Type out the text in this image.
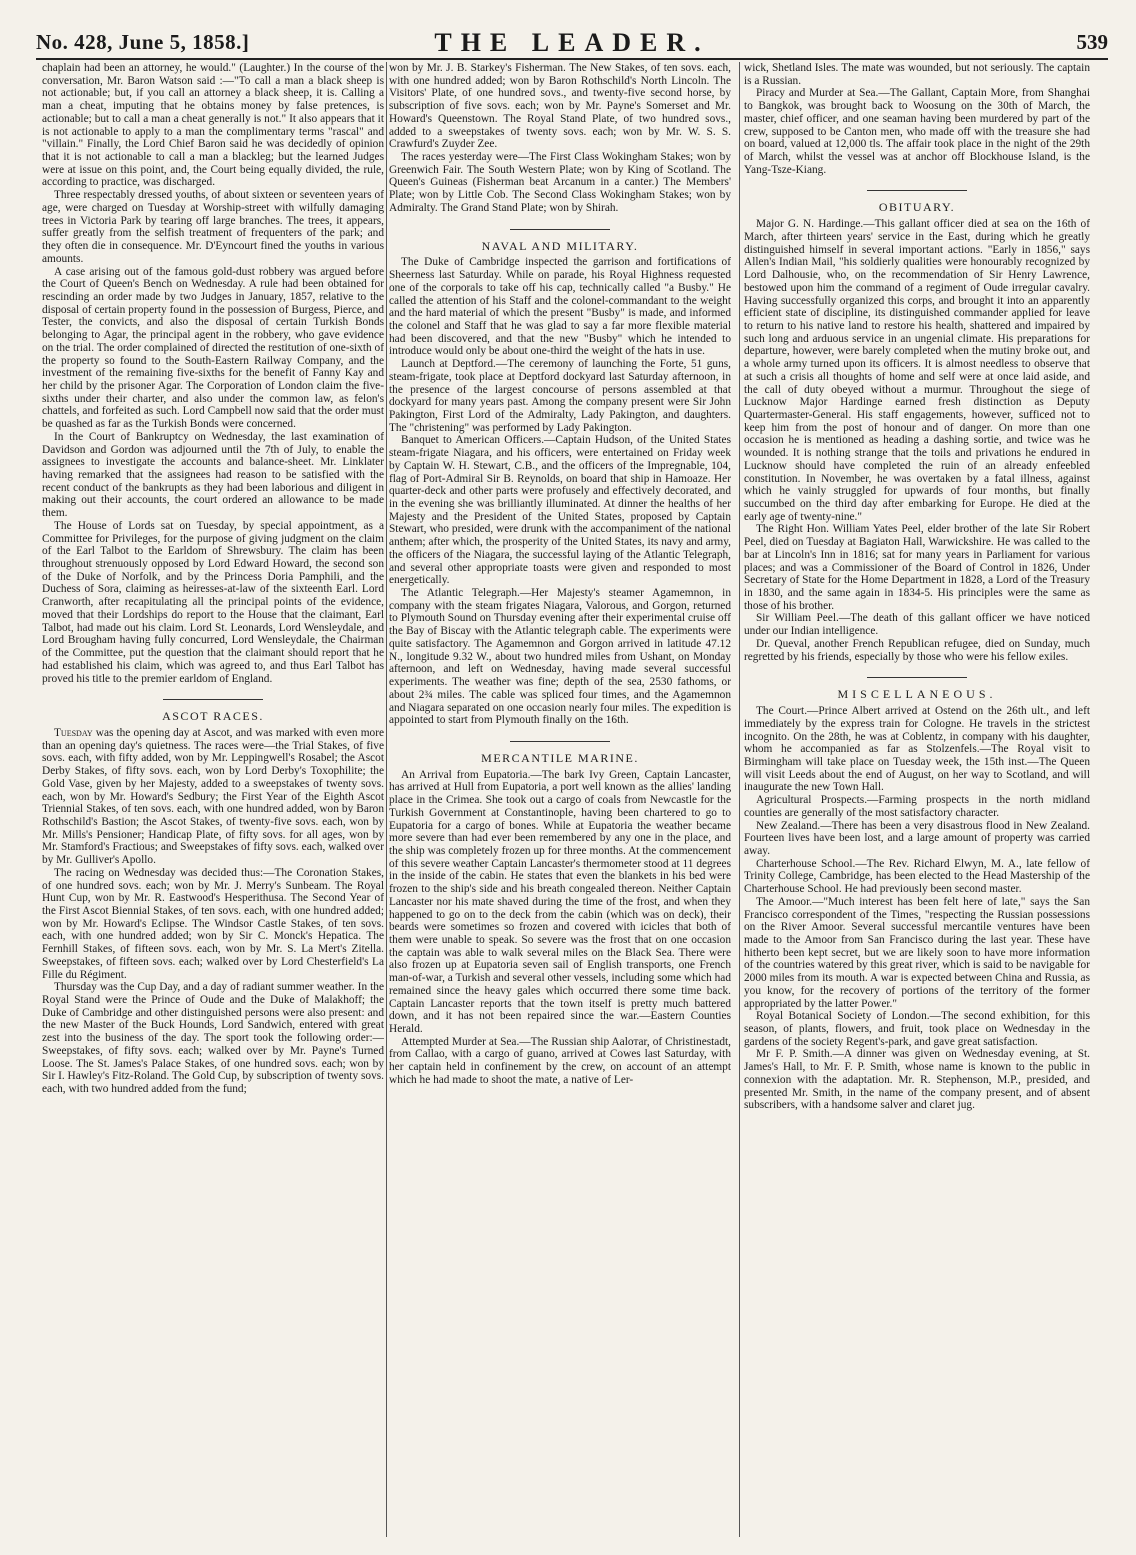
No. 428, June 5, 1858.]	THE LEADER.	539

chaplain had been an attorney, he would." (Laughter.) In the course of the conversation, Mr. Baron Watson said :—"To call a man a black sheep is not actionable; but, if you call an attorney a black sheep, it is. Calling a man a cheat, imputing that he obtains money by false pretences, is actionable; but to call a man a cheat generally is not." It also appears that it is not actionable to apply to a man the complimentary terms "rascal" and "villain." Finally, the Lord Chief Baron said he was decidedly of opinion that it is not actionable to call a man a blackleg; but the learned Judges were at issue on this point, and, the Court being equally divided, the rule, according to practice, was discharged.

Three respectably dressed youths, of about sixteen or seventeen years of age, were charged on Tuesday at Worship-street with wilfully damaging trees in Victoria Park by tearing off large branches. The trees, it appears, suffer greatly from the selfish treatment of frequenters of the park; and they often die in consequence. Mr. D'Eyncourt fined the youths in various amounts.

A case arising out of the famous gold-dust robbery was argued before the Court of Queen's Bench on Wednesday. A rule had been obtained for rescinding an order made by two Judges in January, 1857, relative to the disposal of certain property found in the possession of Burgess, Pierce, and Tester, the convicts, and also the disposal of certain Turkish Bonds belonging to Agar, the principal agent in the robbery, who gave evidence on the trial. The order complained of directed the restitution of one-sixth of the property so found to the South-Eastern Railway Company, and the investment of the remaining five-sixths for the benefit of Fanny Kay and her child by the prisoner Agar. The Corporation of London claim the five-sixths under their charter, and also under the common law, as felon's chattels, and forfeited as such. Lord Campbell now said that the order must be quashed as far as the Turkish Bonds were concerned.

In the Court of Bankruptcy on Wednesday, the last examination of Davidson and Gordon was adjourned until the 7th of July, to enable the assignees to investigate the accounts and balance-sheet. Mr. Linklater having remarked that the assignees had reason to be satisfied with the recent conduct of the bankrupts as they had been laborious and diligent in making out their accounts, the court ordered an allowance to be made them.

The House of Lords sat on Tuesday, by special appointment, as a Committee for Privileges, for the purpose of giving judgment on the claim of the Earl Talbot to the Earldom of Shrewsbury. The claim has been throughout strenuously opposed by Lord Edward Howard, the second son of the Duke of Norfolk, and by the Princess Doria Pamphili, and the Duchess of Sora, claiming as heiresses-at-law of the sixteenth Earl. Lord Cranworth, after recapitulating all the principal points of the evidence, moved that their Lordships do report to the House that the claimant, Earl Talbot, had made out his claim. Lord St. Leonards, Lord Wensleydale, and Lord Brougham having fully concurred, Lord Wensleydale, the Chairman of the Committee, put the question that the claimant should report that he had established his claim, which was agreed to, and thus Earl Talbot has proved his title to the premier earldom of England.

ASCOT RACES.

Tuesday was the opening day at Ascot, and was marked with even more than an opening day's quietness. The races were—the Trial Stakes, of five sovs. each, with fifty added, won by Mr. Leppingwell's Rosabel; the Ascot Derby Stakes, of fifty sovs. each, won by Lord Derby's Toxophilite; the Gold Vase, given by her Majesty, added to a sweepstakes of twenty sovs. each, won by Mr. Howard's Sedbury; the First Year of the Eighth Ascot Triennial Stakes, of ten sovs. each, with one hundred added, won by Baron Rothschild's Bastion; the Ascot Stakes, of twenty-five sovs. each, won by Mr. Mills's Pensioner; Handicap Plate, of fifty sovs. for all ages, won by Mr. Stamford's Fractious; and Sweepstakes of fifty sovs. each, walked over by Mr. Gulliver's Apollo.

The racing on Wednesday was decided thus:—The Coronation Stakes, of one hundred sovs. each; won by Mr. J. Merry's Sunbeam. The Royal Hunt Cup, won by Mr. R. Eastwood's Hesperithusa. The Second Year of the First Ascot Biennial Stakes, of ten sovs. each, with one hundred added; won by Mr. Howard's Eclipse. The Windsor Castle Stakes, of ten sovs. each, with one hundred added; won by Sir C. Monck's Hepatica. The Fernhill Stakes, of fifteen sovs. each, won by Mr. S. La Mert's Zitella. Sweepstakes, of fifteen sovs. each; walked over by Lord Chesterfield's La Fille du Régiment.

Thursday was the Cup Day, and a day of radiant summer weather. In the Royal Stand were the Prince of Oude and the Duke of Malakhoff; the Duke of Cambridge and other distinguished persons were also present: and the new Master of the Buck Hounds, Lord Sandwich, entered with great zest into the business of the day. The sport took the following order:—Sweepstakes, of fifty sovs. each; walked over by Mr. Payne's Turned Loose. The St. James's Palace Stakes, of one hundred sovs. each; won by Sir I. Hawley's Fitz-Roland. The Gold Cup, by subscription of twenty sovs. each, with two hundred added from the fund;

won by Mr. J. B. Starkey's Fisherman. The New Stakes, of ten sovs. each, with one hundred added; won by Baron Rothschild's North Lincoln. The Visitors' Plate, of one hundred sovs., and twenty-five second horse, by subscription of five sovs. each; won by Mr. Payne's Somerset and Mr. Howard's Queenstown. The Royal Stand Plate, of two hundred sovs., added to a sweepstakes of twenty sovs. each; won by Mr. W. S. S. Crawfurd's Zuyder Zee.

The races yesterday were—The First Class Wokingham Stakes; won by Greenwich Fair. The South Western Plate; won by King of Scotland. The Queen's Guineas (Fisherman beat Arcanum in a canter.) The Members' Plate; won by Little Cob. The Second Class Wokingham Stakes; won by Admiralty. The Grand Stand Plate; won by Shirah.

NAVAL AND MILITARY.

The Duke of Cambridge inspected the garrison and fortifications of Sheerness last Saturday. While on parade, his Royal Highness requested one of the corporals to take off his cap, technically called "a Busby." He called the attention of his Staff and the colonel-commandant to the weight and the hard material of which the present "Busby" is made, and informed the colonel and Staff that he was glad to say a far more flexible material had been discovered, and that the new "Busby" which he intended to introduce would only be about one-third the weight of the hats in use.

Launch at Deptford.—The ceremony of launching the Forte, 51 guns, steam-frigate, took place at Deptford dockyard last Saturday afternoon, in the presence of the largest concourse of persons assembled at that dockyard for many years past. Among the company present were Sir John Pakington, First Lord of the Admiralty, Lady Pakington, and daughters. The "christening" was performed by Lady Pakington.

Banquet to American Officers.—Captain Hudson, of the United States steam-frigate Niagara, and his officers, were entertained on Friday week by Captain W. H. Stewart, C.B., and the officers of the Impregnable, 104, flag of Port-Admiral Sir B. Reynolds, on board that ship in Hamoaze. Her quarter-deck and other parts were profusely and effectively decorated, and in the evening she was brilliantly illuminated. At dinner the healths of her Majesty and the President of the United States, proposed by Captain Stewart, who presided, were drunk with the accompaniment of the national anthem; after which, the prosperity of the United States, its navy and army, the officers of the Niagara, the successful laying of the Atlantic Telegraph, and several other appropriate toasts were given and responded to most energetically.

The Atlantic Telegraph.—Her Majesty's steamer Agamemnon, in company with the steam frigates Niagara, Valorous, and Gorgon, returned to Plymouth Sound on Thursday evening after their experimental cruise off the Bay of Biscay with the Atlantic telegraph cable. The experiments were quite satisfactory. The Agamemnon and Gorgon arrived in latitude 47.12 N., longitude 9.32 W., about two hundred miles from Ushant, on Monday afternoon, and left on Wednesday, having made several successful experiments. The weather was fine; depth of the sea, 2530 fathoms, or about 2¾ miles. The cable was spliced four times, and the Agamemnon and Niagara separated on one occasion nearly four miles. The expedition is appointed to start from Plymouth finally on the 16th.

MERCANTILE MARINE.

An Arrival from Eupatoria.—The bark Ivy Green, Captain Lancaster, has arrived at Hull from Eupatoria, a port well known as the allies' landing place in the Crimea. She took out a cargo of coals from Newcastle for the Turkish Government at Constantinople, having been chartered to go to Eupatoria for a cargo of bones. While at Eupatoria the weather became more severe than had ever been remembered by any one in the place, and the ship was completely frozen up for three months. At the commencement of this severe weather Captain Lancaster's thermometer stood at 11 degrees in the inside of the cabin. He states that even the blankets in his bed were frozen to the ship's side and his breath congealed thereon. Neither Captain Lancaster nor his mate shaved during the time of the frost, and when they happened to go on to the deck from the cabin (which was on deck), their beards were sometimes so frozen and covered with icicles that both of them were unable to speak. So severe was the frost that on one occasion the captain was able to walk several miles on the Black Sea. There were also frozen up at Eupatoria seven sail of English transports, one French man-of-war, a Turkish and several other vessels, including some which had remained since the heavy gales which occurred there some time back. Captain Lancaster reports that the town itself is pretty much battered down, and it has not been repaired since the war.—Eastern Counties Herald.

Attempted Murder at Sea.—The Russian ship Aaloтar, of Christinestadt, from Callao, with a cargo of guano, arrived at Cowes last Saturday, with her captain held in confinement by the crew, on account of an attempt which he had made to shoot the mate, a native of Ler-

wick, Shetland Isles. The mate was wounded, but not seriously. The captain is a Russian.

Piracy and Murder at Sea.—The Gallant, Captain More, from Shanghai to Bangkok, was brought back to Woosung on the 30th of March, the master, chief officer, and one seaman having been murdered by part of the crew, supposed to be Canton men, who made off with the treasure she had on board, valued at 12,000 tls. The affair took place in the night of the 29th of March, whilst the vessel was at anchor off Blockhouse Island, is the Yang-Tsze-Kiang.

OBITUARY.

Major G. N. Hardinge.—This gallant officer died at sea on the 16th of March, after thirteen years' service in the East, during which he greatly distinguished himself in several important actions. "Early in 1856," says Allen's Indian Mail, "his soldierly qualities were honourably recognized by Lord Dalhousie, who, on the recommendation of Sir Henry Lawrence, bestowed upon him the command of a regiment of Oude irregular cavalry. Having successfully organized this corps, and brought it into an apparently efficient state of discipline, its distinguished commander applied for leave to return to his native land to restore his health, shattered and impaired by such long and arduous service in an ungenial climate. His preparations for departure, however, were barely completed when the mutiny broke out, and a whole army turned upon its officers. It is almost needless to observe that at such a crisis all thoughts of home and self were at once laid aside, and the call of duty obeyed without a murmur. Throughout the siege of Lucknow Major Hardinge earned fresh distinction as Deputy Quartermaster-General. His staff engagements, however, sufficed not to keep him from the post of honour and of danger. On more than one occasion he is mentioned as heading a dashing sortie, and twice was he wounded. It is nothing strange that the toils and privations he endured in Lucknow should have completed the ruin of an already enfeebled constitution. In November, he was overtaken by a fatal illness, against which he vainly struggled for upwards of four months, but finally succumbed on the third day after embarking for Europe. He died at the early age of twenty-nine."

The Right Hon. William Yates Peel, elder brother of the late Sir Robert Peel, died on Tuesday at Bagiaton Hall, Warwickshire. He was called to the bar at Lincoln's Inn in 1816; sat for many years in Parliament for various places; and was a Commissioner of the Board of Control in 1826, Under Secretary of State for the Home Department in 1828, a Lord of the Treasury in 1830, and the same again in 1834-5. His principles were the same as those of his brother.

Sir William Peel.—The death of this gallant officer we have noticed under our Indian intelligence.

Dr. Queval, another French Republican refugee, died on Sunday, much regretted by his friends, especially by those who were his fellow exiles.

MISCELLANEOUS.

The Court.—Prince Albert arrived at Ostend on the 26th ult., and left immediately by the express train for Cologne. He travels in the strictest incognito. On the 28th, he was at Coblentz, in company with his daughter, whom he accompanied as far as Stolzenfels.—The Royal visit to Birmingham will take place on Tuesday week, the 15th inst.—The Queen will visit Leeds about the end of August, on her way to Scotland, and will inaugurate the new Town Hall.

Agricultural Prospects.—Farming prospects in the north midland counties are generally of the most satisfactory character.

New Zealand.—There has been a very disastrous flood in New Zealand. Fourteen lives have been lost, and a large amount of property was carried away.

Charterhouse School.—The Rev. Richard Elwyn, M. A., late fellow of Trinity College, Cambridge, has been elected to the Head Mastership of the Charterhouse School. He had previously been second master.

The Amoor.—"Much interest has been felt here of late," says the San Francisco correspondent of the Times, "respecting the Russian possessions on the River Amoor. Several successful mercantile ventures have been made to the Amoor from San Francisco during the last year. These have hitherto been kept secret, but we are likely soon to have more information of the countries watered by this great river, which is said to be navigable for 2000 miles from its mouth. A war is expected between China and Russia, as you know, for the recovery of portions of the territory of the former appropriated by the latter Power."

Royal Botanical Society of London.—The second exhibition, for this season, of plants, flowers, and fruit, took place on Wednesday in the gardens of the society Regent's-park, and gave great satisfaction.

Mr F. P. Smith.—A dinner was given on Wednesday evening, at St. James's Hall, to Mr. F. P. Smith, whose name is known to the public in connexion with the adaptation. Mr. R. Stephenson, M.P., presided, and presented Mr. Smith, in the name of the company present, and of absent subscribers, with a handsome salver and claret jug.
